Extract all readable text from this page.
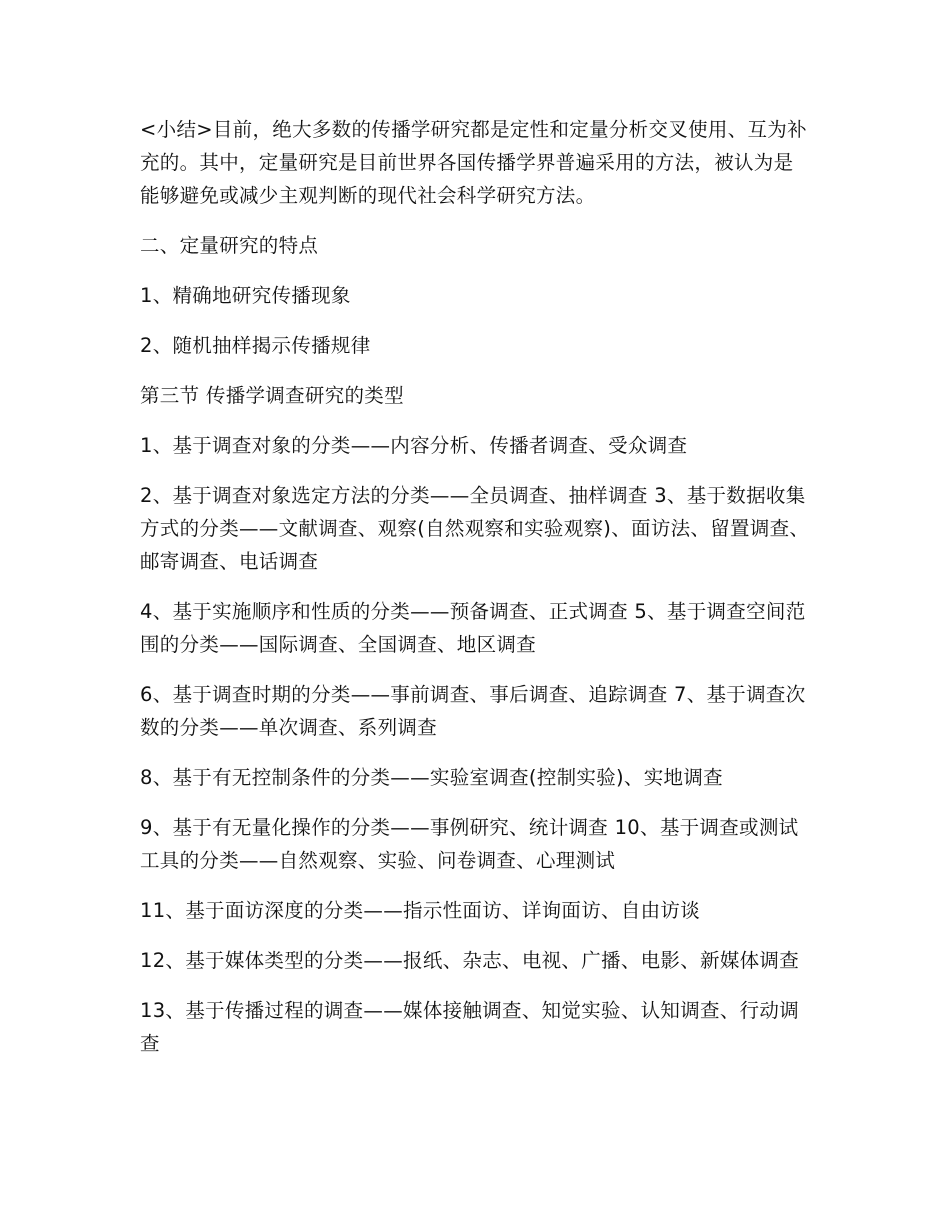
<小结>目前，绝大多数的传播学研究都是定性和定量分析交叉使用、互为补充的。其中，定量研究是目前世界各国传播学界普遍采用的方法，被认为是能够避免或减少主观判断的现代社会科学研究方法。

二、定量研究的特点

1、精确地研究传播现象

2、随机抽样揭示传播规律

第三节 传播学调查研究的类型

1、基于调查对象的分类——内容分析、传播者调查、受众调查

2、基于调查对象选定方法的分类——全员调查、抽样调查 3、基于数据收集方式的分类——文献调查、观察(自然观察和实验观察)、面访法、留置调查、邮寄调查、电话调查

4、基于实施顺序和性质的分类——预备调查、正式调查 5、基于调查空间范围的分类——国际调查、全国调查、地区调查

6、基于调查时期的分类——事前调查、事后调查、追踪调查 7、基于调查次数的分类——单次调查、系列调查

8、基于有无控制条件的分类——实验室调查(控制实验)、实地调查

9、基于有无量化操作的分类——事例研究、统计调查 10、基于调查或测试工具的分类——自然观察、实验、问卷调查、心理测试

11、基于面访深度的分类——指示性面访、详询面访、自由访谈

12、基于媒体类型的分类——报纸、杂志、电视、广播、电影、新媒体调查

13、基于传播过程的调查——媒体接触调查、知觉实验、认知调查、行动调查
